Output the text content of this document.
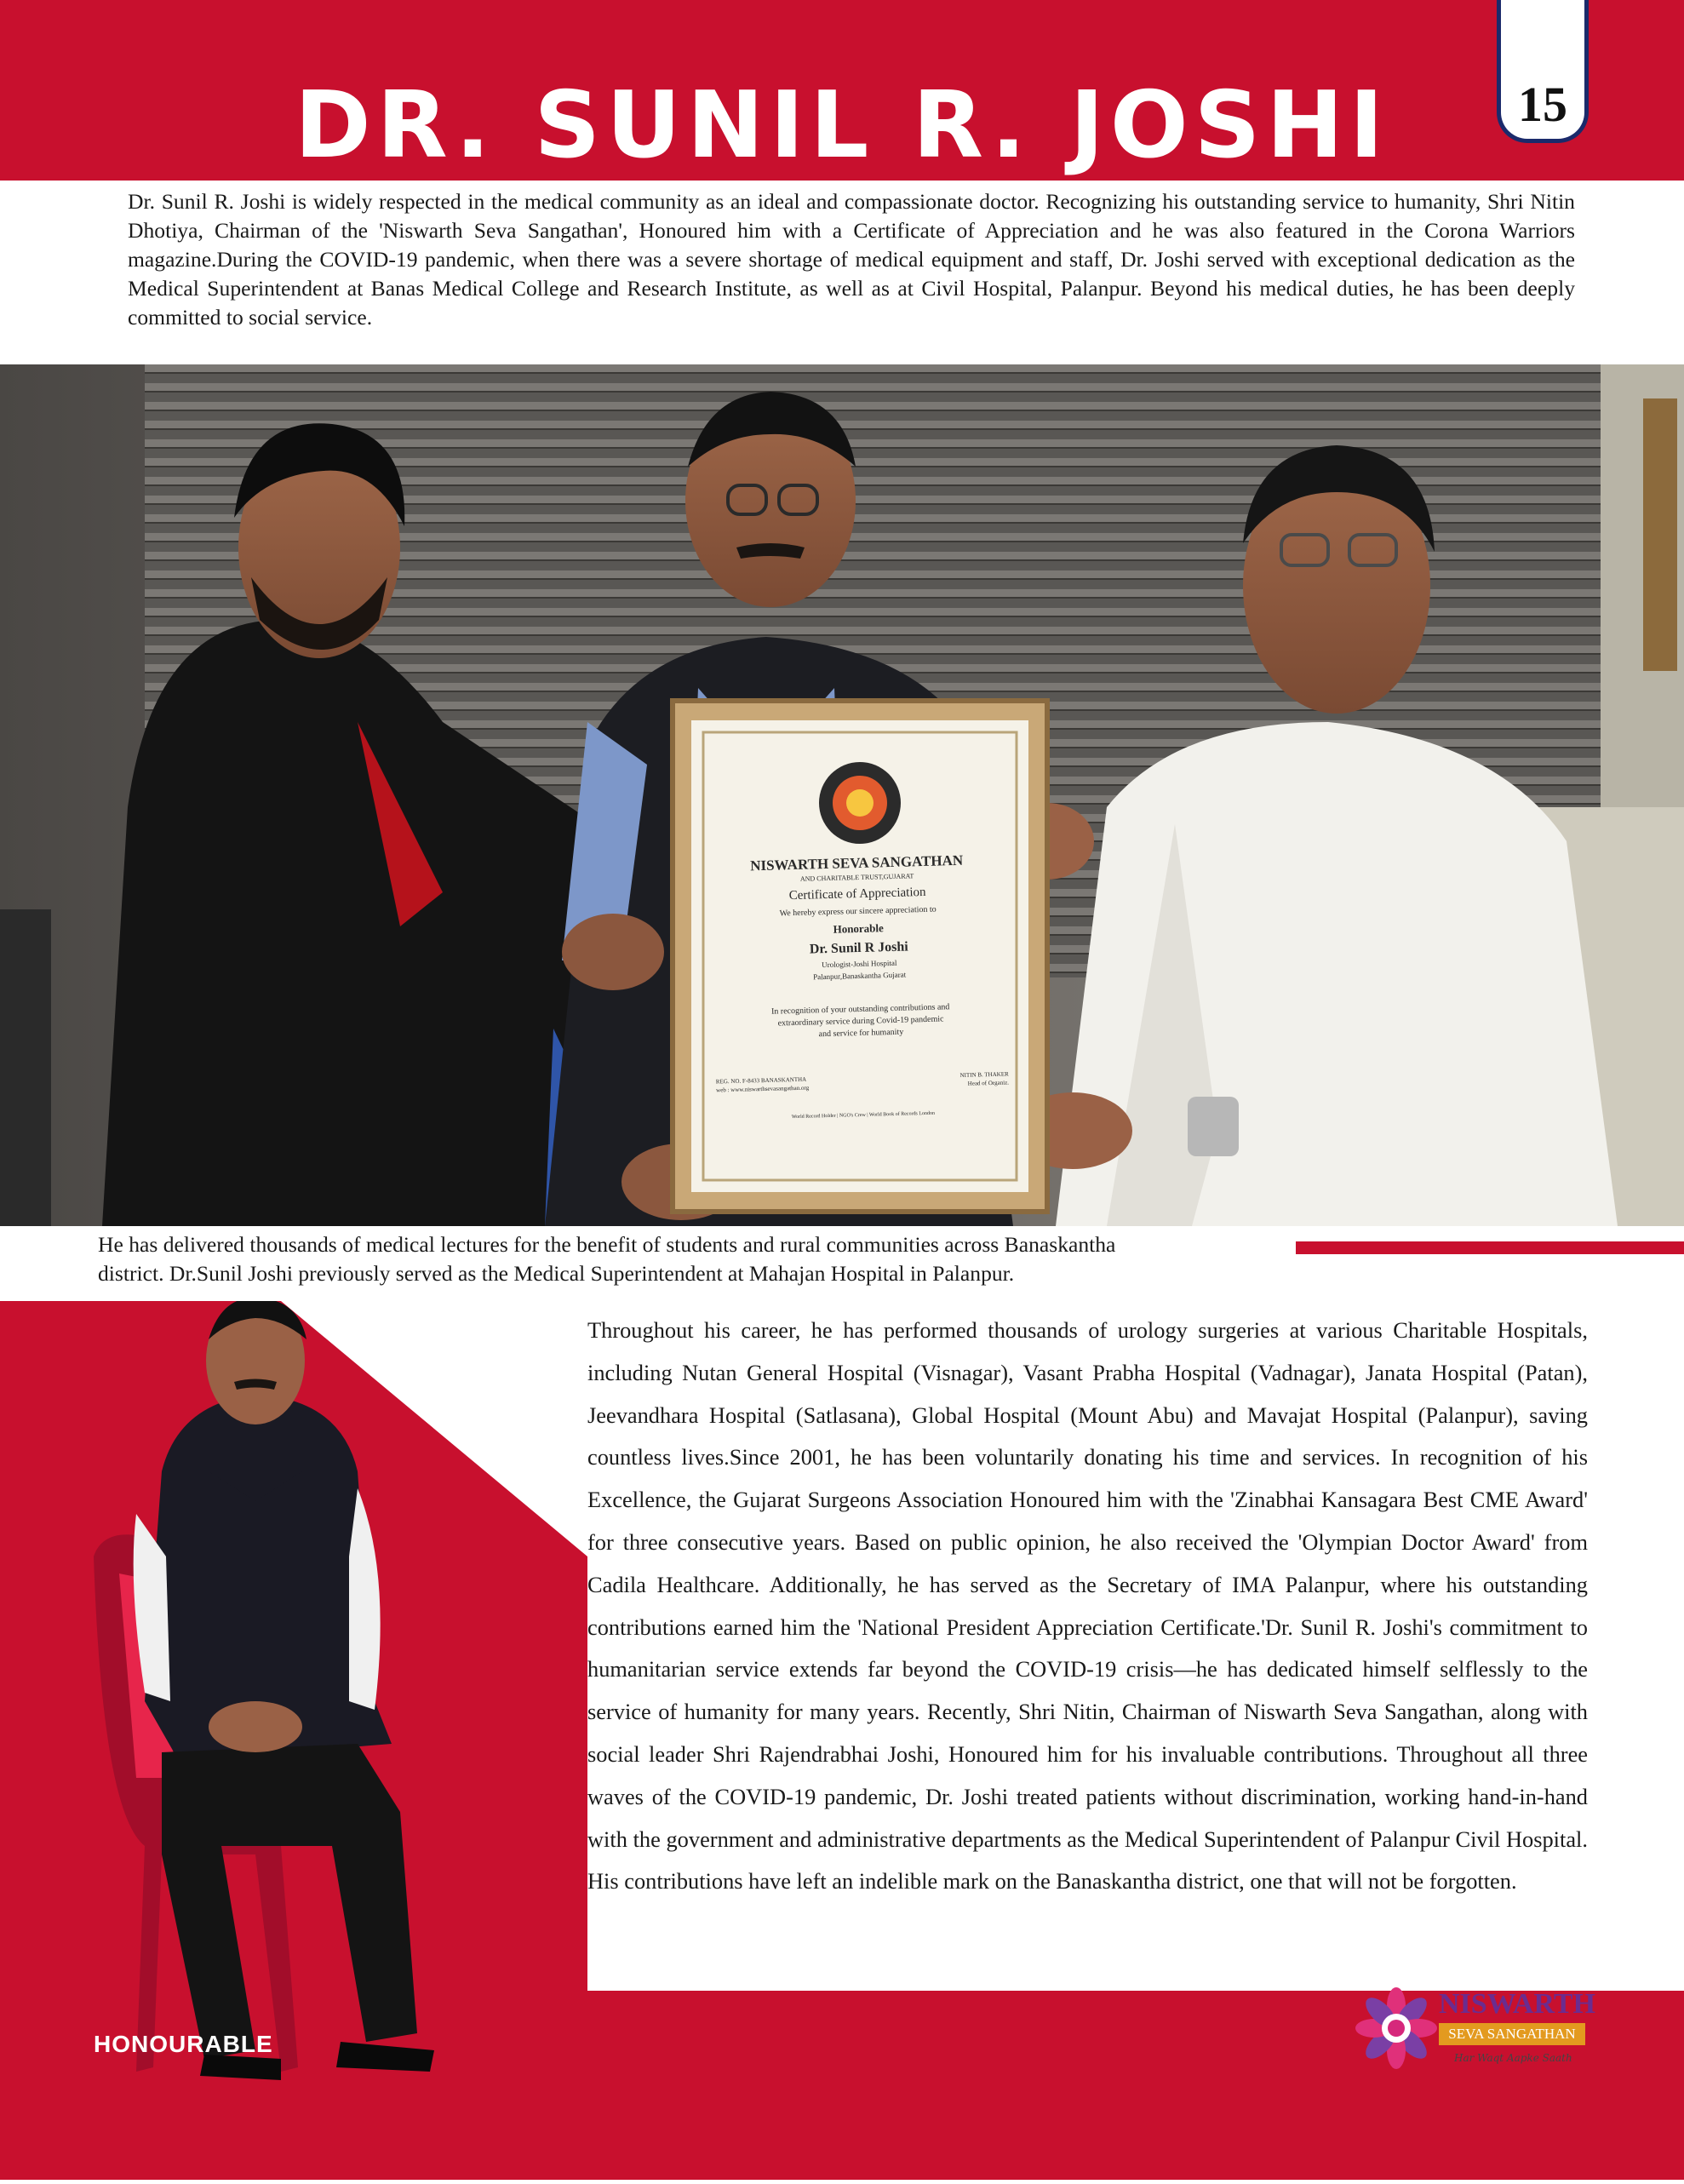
DR. SUNIL R. JOSHI	15
Dr. Sunil R. Joshi is widely respected in the medical community as an ideal and compassionate doctor. Recognizing his outstanding service to humanity, Shri Nitin Dhotiya, Chairman of the 'Niswarth Seva Sangathan', Honoured him with a Certificate of Appreciation and he was also featured in the Corona Warriors magazine.During the COVID-19 pandemic, when there was a severe shortage of medical equipment and staff, Dr. Joshi served with exceptional dedication as the Medical Superintendent at Banas Medical College and Research Institute, as well as at Civil Hospital, Palanpur. Beyond his medical duties, he has been deeply committed to social service.
NISWARTH SEVA SANGATHAN
AND CHARITABLE TRUST,GUJARAT
Certificate of Appreciation
We hereby express our sincere appreciation to
Honorable
Dr. Sunil R Joshi
Urologist-Joshi Hospital
Palanpur,Banaskantha Gujarat
In recognition of your outstanding contributions and
extraordinary service during Covid-19 pandemic
and service for humanity
REG. NO. F-8433 BANASKANTHA
web : www.niswarthsevasangathan.org
NITIN B. THAKER
Head of Organiz.
World Record Holder | NGO's Crew | World Book of Records London
He has delivered thousands of medical lectures for the benefit of students and rural communities across Banaskantha
district. Dr.Sunil Joshi previously served as the Medical Superintendent at Mahajan Hospital in Palanpur.
Throughout his career, he has performed thousands of urology surgeries at various Charitable Hospitals, including Nutan General Hospital (Visnagar), Vasant Prabha Hospital (Vadnagar), Janata Hospital (Patan), Jeevandhara Hospital (Satlasana), Global Hospital (Mount Abu) and Mavajat Hospital (Palanpur), saving countless lives.Since 2001, he has been voluntarily donating his time and services. In recognition of his Excellence, the Gujarat Surgeons Association Honoured him with the 'Zinabhai Kansagara Best CME Award' for three consecutive years. Based on public opinion, he also received the 'Olympian Doctor Award' from Cadila Healthcare. Additionally, he has served as the Secretary of IMA Palanpur, where his outstanding contributions earned him the 'National President Appreciation Certificate.'Dr. Sunil R. Joshi's commitment to humanitarian service extends far beyond the COVID-19 crisis—he has dedicated himself selflessly to the service of humanity for many years. Recently, Shri Nitin, Chairman of Niswarth Seva Sangathan, along with social leader Shri Rajendrabhai Joshi, Honoured him for his invaluable contributions. Throughout all three waves of the COVID-19 pandemic, Dr. Joshi treated patients without discrimination, working hand-in-hand with the government and administrative departments as the Medical Superintendent of Palanpur Civil Hospital. His contributions have left an indelible mark on the Banaskantha district, one that will not be forgotten.
HONOURABLE
NISWARTH
SEVA SANGATHAN
Har Waqt Aapke Saath
